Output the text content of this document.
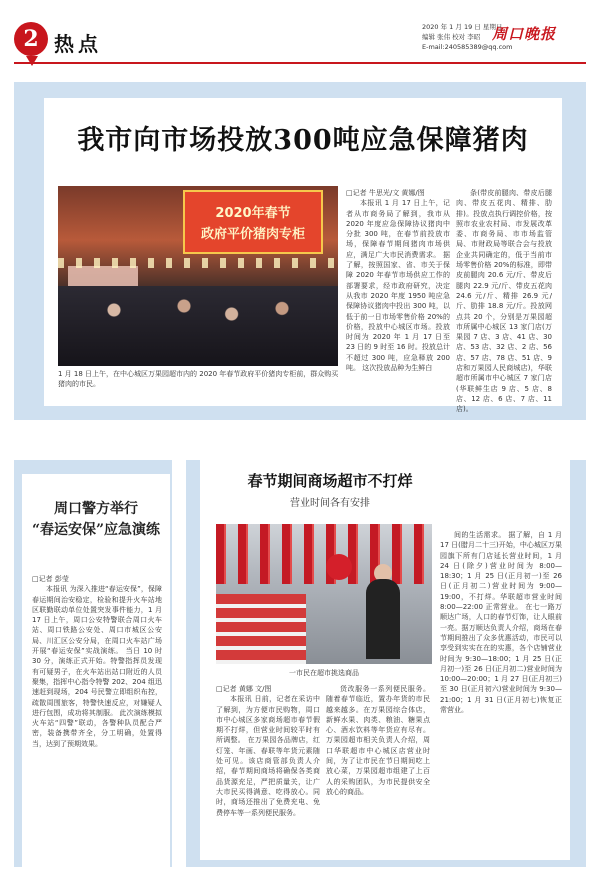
2 热点
2020 年 1 月 19 日 星期日
编辑 张伟 校对 李昭
E-mail:240585389@qq.com
周口晚报
我市向市场投放300吨应急保障猪肉
2020年春节
政府平价猪肉专柜
1 月 18 日上午，在中心城区万果园超市内的 2020 年春节政府平价猪肉专柜前，群众购买猪肉的市民。
□记者 牛思光/文 黄娜/图

本报讯 1 月 17 日上午，记者从市商务局了解到，我市从 2020 年度应急保障协议猪肉中分批 300 吨，在春节前投放市场，保障春节期间猪肉市场供应，满足广大市民消费需求。 据了解，按照国家、省、市关于保障 2020 年春节市场供应工作的部署要求，经市政府研究，决定从我市 2020 年度 1950 吨应急保障协议猪肉中投出 300 吨，以低于前一日市场零售价格 20%的价格，投放中心城区市场。投放时间为 2020 年 1 月 17 日至 23 日的 9 时至 16 时。投放总计不超过 300 吨，应急释放 200 吨。 这次投放品种为生鲜白

条(带皮前腿肉、带皮后腿肉、带皮五花肉、精排、肋排)。投放点执行调控价格，按照市农业农村局、市发展改革委、市商务局、市市场监管局、市财政局等联合会与投放企业共同确定的，低于当前市场零售价格 20%的标准，即带皮前腿肉 20.6 元/斤、带皮后腿肉 22.9 元/斤、带皮五花肉 24.6 元/斤、精排 26.9 元/斤、肋排 18.8 元/斤。投放网点共 20 个，分别是万果园超市所属中心城区 13 家门店(万果园 7 店、3 店、41 店、30 店、53 店、32 店、2 店、56 店、57 店、78 店、51 店、9 店和万果园人民商城店)，华联超市所属市中心城区 7 家门店(华联鲜生店 9 店、5 店、8 店、12 店、6 店、7 店、11 店)。

周口警方举行
“春运安保”应急演练
□记者 彭莹

本报讯 为深入推进“春运安保”，保障春运期间治安稳定，检验和提升火车站地区联勤联动单位处置突发事件能力，1 月 17 日上午，周口公安特警联合周口火车站、周口铁路公安处、周口市城区公安局、川汇区公安分局，在周口火车站广场开展“春运安保”实战演练。 当日 10 时 30 分，演练正式开始。特警指挥员发现有可疑男子，在火车站出站口附近的人员聚集，指挥中心指令特警 202、204 组迅速赶到现场，204 号民警立即组织布控，疏散周围旅客，特警快速反应，对嫌疑人进行包围，成功将其制服。 此次演练模拟火车站“四警”联动，各警种队员配合严密，装备携带齐全，分工明确，处置得当，达到了预期效果。

春节期间商场超市不打烊
营业时间各有安排
一市民在超市挑选商品
□记者 黄娜 文/图

本报讯 日前，记者在采访中了解到，为方便市民购物，周口市中心城区多家商场超市春节假期不打烊，但营业时间较平时有所调整。 在万果园各品牌店，红灯笼、年画、春联等年货元素随处可见。该店商管部负责人介绍，春节期间商场将确保各类商品货源充足，严把质量关，让广大市民买得满意、吃得放心。同时，商场还推出了免费充电、免费停车等一系列便民服务。

货改服务一系列便民服务。 随着春节临近，置办年货的市民越来越多。在万果园综合体店，新鲜水果、肉类、粮油、糖果点心、酒水饮料等年货应有尽有。万果园超市相关负责人介绍，周口华联超市中心城区店营业时间，为了让市民在节日期间吃上放心菜，万果园超市组建了上百人的采购团队，为市民提供安全放心的商品。

间的生活需求。 据了解，自 1 月 17 日(腊月二十三)开始，中心城区万果园旗下所有门店延长营业时间，1 月 24 日(除夕)营业时间为 8:00—18:30；1 月 25 日(正月初一)至 26 日(正月初二)营业时间为 9:00—19:00，不打烊。华联超市营业时间 8:00—22:00 正常营业。 在七一路万顺达广场，人口的春节灯饰，让人眼前一亮。据万顺达负责人介绍，商场在春节期间推出了众多优惠活动，市民可以享受到实实在在的实惠，各个店铺营业时间为 9:30—18:00；1 月 25 日(正月初一)至 26 日(正月初二)营业时间为 10:00—20:00；1 月 27 日(正月初三)至 30 日(正月初六)营业时间为 9:30—21:00；1 月 31 日(正月初七)恢复正常营业。
